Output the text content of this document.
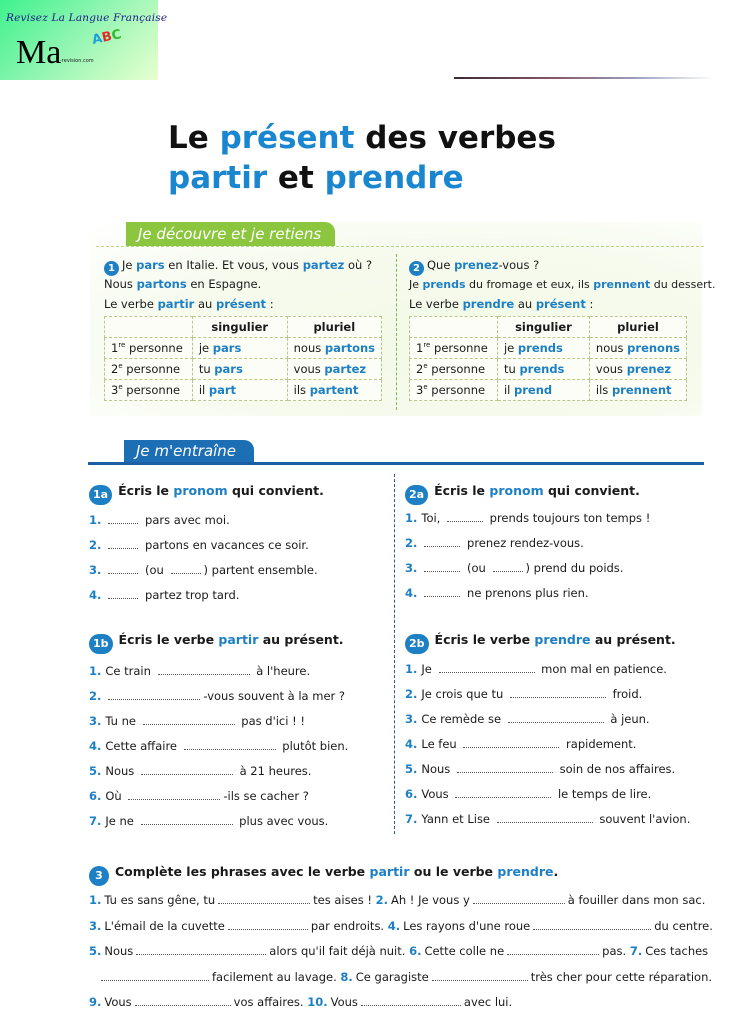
Revisez La Langue Française
Ma ABC
-revision.com
Le présent des verbes
partir et prendre
Je découvre et je retiens
1 Je pars en Italie. Et vous, vous partez où ?
Nous partons en Espagne.
Le verbe partir au présent :
	singulier	pluriel
1re personne	je pars	nous partons
2e personne	tu pars	vous partez
3e personne	il part	ils partent
2 Que prenez-vous ?
Je prends du fromage et eux, ils prennent du dessert.
Le verbe prendre au présent :
	singulier	pluriel
1re personne	je prends	nous prenons
2e personne	tu prends	vous prenez
3e personne	il prend	ils prennent
Je m'entraîne
1a Écris le pronom qui convient.
1.	pars avec moi.
2.	partons en vacances ce soir.
3.	(ou	) partent ensemble.
4.	partez trop tard.
2a Écris le pronom qui convient.
1. Toi,	prends toujours ton temps !
2.	prenez rendez-vous.
3.	(ou	) prend du poids.
4.	ne prenons plus rien.
1b Écris le verbe partir au présent.
1. Ce train	à l'heure.
2.	-vous souvent à la mer ?
3. Tu ne	pas d'ici ! !
4. Cette affaire	plutôt bien.
5. Nous	à 21 heures.
6. Où	-ils se cacher ?
7. Je ne	plus avec vous.
2b Écris le verbe prendre au présent.
1. Je	mon mal en patience.
2. Je crois que tu	froid.
3. Ce remède se	à jeun.
4. Le feu	rapidement.
5. Nous	soin de nos affaires.
6. Vous	le temps de lire.
7. Yann et Lise	souvent l'avion.
3 Complète les phrases avec le verbe partir ou le verbe prendre.
1. Tu es sans gêne, tu	tes aises ! 2. Ah ! Je vous y	à fouiller dans mon sac.
3. L'émail de la cuvette	par endroits. 4. Les rayons d'une roue	du centre.
5. Nous	alors qu'il fait déjà nuit. 6. Cette colle ne	pas. 7. Ces taches
facilement au lavage. 8. Ce garagiste	très cher pour cette réparation.
9. Vous	vos affaires. 10. Vous	avec lui.
